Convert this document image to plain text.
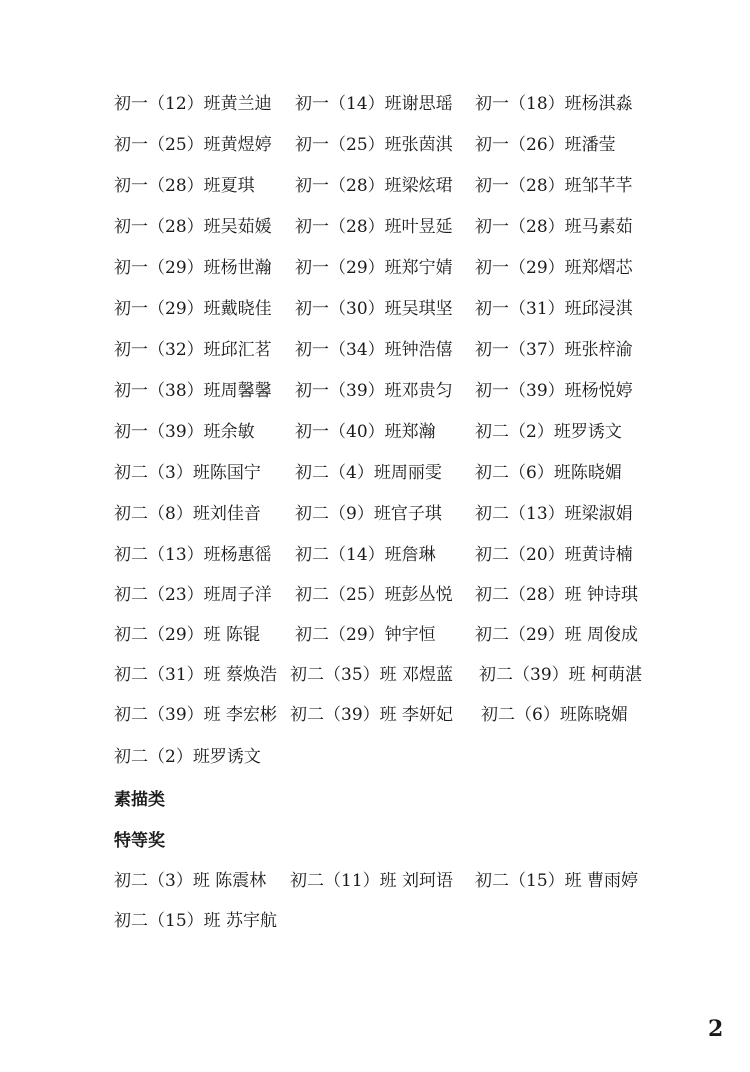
初一（12）班黄兰迪 初一（14）班谢思瑶 初一（18）班杨淇淼
初一（25）班黄煜婷 初一（25）班张茵淇 初一（26）班潘莹
初一（28）班夏琪 初一（28）班梁炫珺 初一（28）班邹芊芊
初一（28）班吴茹媛 初一（28）班叶昱延 初一（28）班马素茹
初一（29）班杨世瀚 初一（29）班郑宁婧 初一（29）班郑熠芯
初一（29）班戴晓佳 初一（30）班吴琪坚 初一（31）班邱浸淇
初一（32）班邱汇茗 初一（34）班钟浩僖 初一（37）班张梓渝
初一（38）班周馨馨 初一（39）班邓贵匀 初一（39）班杨悦婷
初一（39）班余敏 初一（40）班郑瀚 初二（2）班罗诱文
初二（3）班陈国宁 初二（4）班周丽雯 初二（6）班陈晓媚
初二（8）班刘佳音 初二（9）班官子琪 初二（13）班梁淑娟
初二（13）班杨惠徭 初二（14）班詹琳 初二（20）班黄诗楠
初二（23）班周子洋 初二（25）班彭丛悦 初二（28）班 钟诗琪
初二（29）班 陈锟 初二（29）钟宇恒 初二（29）班 周俊成
初二（31）班 蔡焕浩 初二（35）班 邓煜蓝 初二（39）班 柯萌湛
初二（39）班 李宏彬 初二（39）班 李妍妃 初二（6）班陈晓媚
初二（2）班罗诱文
素描类
特等奖
初二（3）班 陈震林 初二（11）班 刘珂语 初二（15）班 曹雨婷
初二（15）班 苏宇航
2
